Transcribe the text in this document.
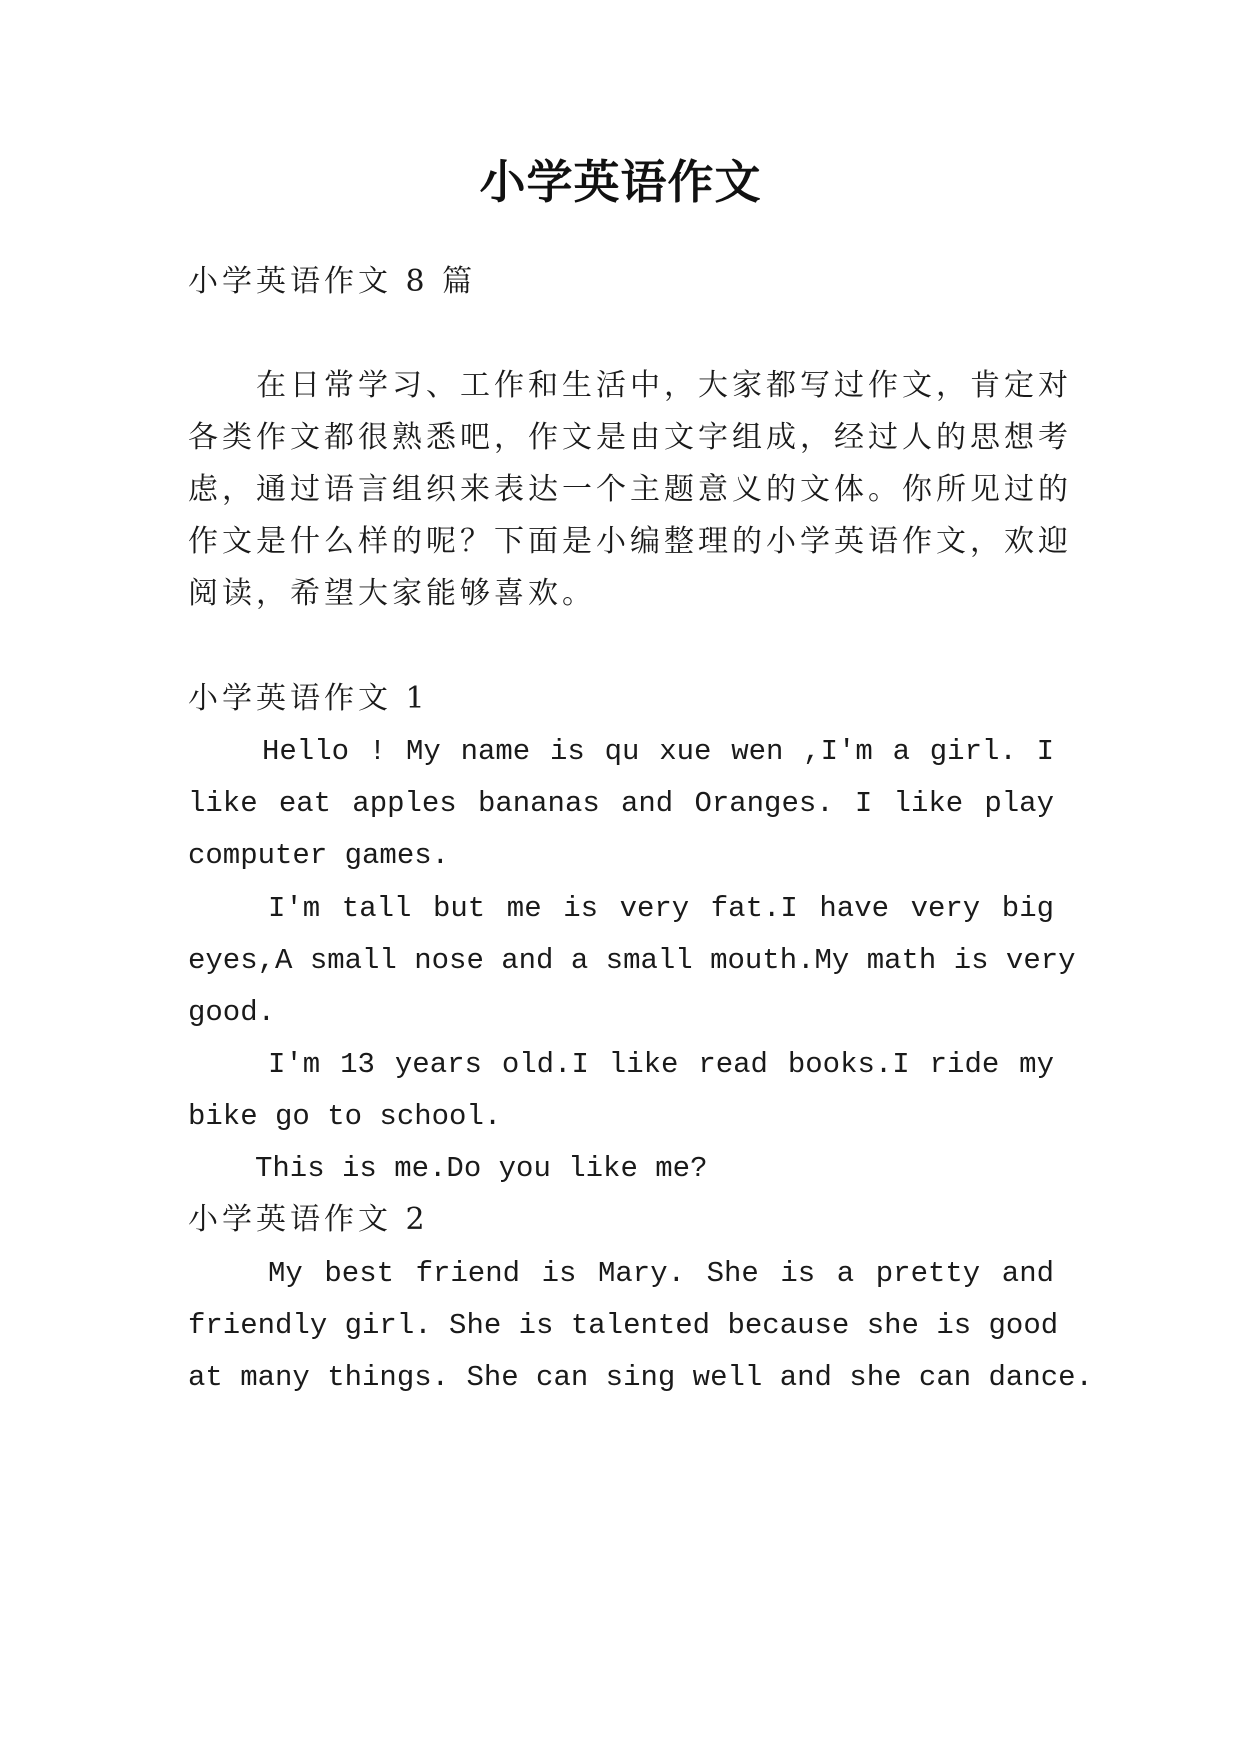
小学英语作文
小学英语作文 8 篇
在日常学习、工作和生活中，大家都写过作文，肯定对
各类作文都很熟悉吧，作文是由文字组成，经过人的思想考
虑，通过语言组织来表达一个主题意义的文体。你所见过的
作文是什么样的呢？下面是小编整理的小学英语作文，欢迎
阅读，希望大家能够喜欢。
小学英语作文 1
Hello ! My name is qu xue wen ,I'm a girl. I
like eat apples bananas and Oranges. I like play
computer games.
I'm tall but me is very fat.I have very big
eyes,A small nose and a small mouth.My math is very
good.
I'm 13 years old.I like read books.I ride my
bike go to school.
This is me.Do you like me?
小学英语作文 2
My best friend is Mary. She is a pretty and
friendly girl. She is talented because she is good
at many things. She can sing well and she can dance.
